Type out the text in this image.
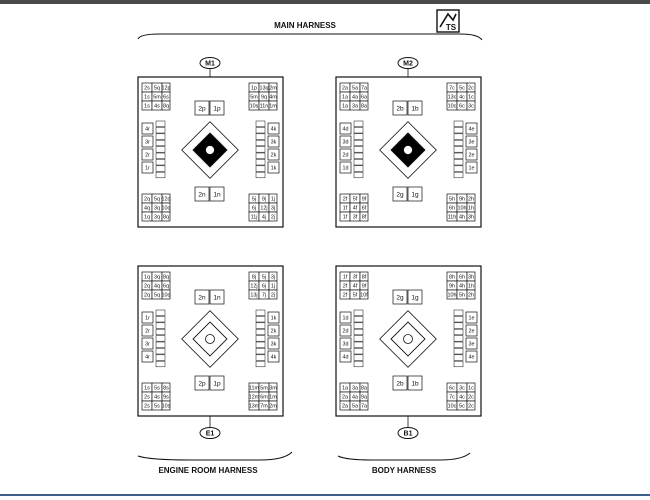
MAIN HARNESS	TS
M1
2s 5q 12p
1s 5m 6s
1s 4s 8q
1p 13q 2m
5m 9q 4m
10s 11n 1m
2q 5q 12q
4q 3q 10q
1q 3q 8q
5j 9j 1j
6j 12j 3j
11j 4j 2j
4r
3r
2r
1r
4k
3k
2k
1k
2p 1p
2n 1n
M2
2a 5a 7a
1a 4a 6a
1a 3a 8a
7c 5c 2c
13c 4c 1c
10c 6c 3c
2f 5f 9f
1f 4f 6f
1f 3f 8f
5h 9h 2h
6h 10h 1h
11h 4h 3h
4d
3d
2d
1d
4e
3e
2e
1e
2b 1b
2g 1g
E1
1q 3q 8q
2q 4q 6q
2q 5q 10q
8j 5j 3j
12j 6j 1j
13j 7j 2j
1s 5s 8s
2s 4s 9s
2s 5s 10s
11m 5m 3m
12m 6m 1m
13m 7m 2m
1r
2r
3r
4r
1k
2k
3k
4k
2n 1n
2p 1p
B1
1f 3f 8f
2f 4f 9f
2f 5f 10f
8h 6h 3h
9h 4h 1h
10h 5h 2h
1a 3a 8a
2a 4a 9a
2a 5a 7a
6c 3c 1c
7c 4c 2c
10c 5c 2c
1d
2d
3d
4d
1e
2e
3e
4e
2g 1g
2b 1b
ENGINE ROOM HARNESS	BODY HARNESS
